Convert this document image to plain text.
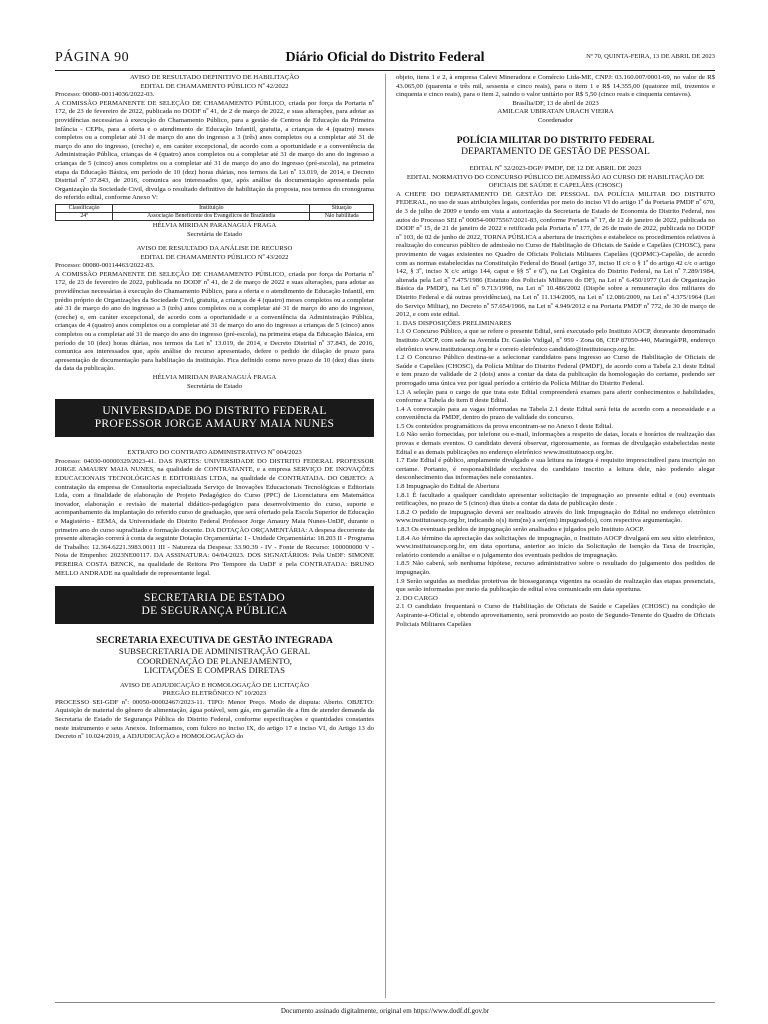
PÁGINA 90	Diário Oficial do Distrito Federal	Nº 70, QUINTA-FEIRA, 13 DE ABRIL DE 2023

AVISO DE RESULTADO DEFINITIVO DE HABILITAÇÃO

EDITAL DE CHAMAMENTO PÚBLICO Nº 42/2022

Processo: 00080-00114036/2022-03.

A COMISSÃO PERMANENTE DE SELEÇÃO DE CHAMAMENTO PÚBLICO, criada por força da Portaria nº 172, de 23 de fevereiro de 2022, publicada no DODF nº 41, de 2 de março de 2022, e suas alterações, para adotar as providências necessárias à execução do Chamamento Público, para a gestão de Centros de Educação da Primeira Infância - CEPIs, para a oferta e o atendimento de Educação Infantil, gratuita, a crianças de 4 (quatro) meses completos ou a completar até 31 de março do ano do ingresso a 3 (três) anos completos ou a completar até 31 de março do ano do ingresso, (creche) e, em caráter excepcional, de acordo com a oportunidade e a conveniência da Administração Pública, crianças de 4 (quatro) anos completos ou a completar até 31 de março do ano do ingresso a crianças de 5 (cinco) anos completos ou a completar até 31 de março do ano do ingresso (pré-escola), na primeira etapa da Educação Básica, em período de 10 (dez) horas diárias, nos termos da Lei nº 13.019, de 2014, e Decreto Distrital nº 37.843, de 2016, comunica aos interessados que, após análise da documentação apresentada pela Organização da Sociedade Civil, divulga o resultado definitivo de habilitação da proposta, nos termos do cronograma do referido edital, conforme Anexo V:

Classificação	Instituição	Situação
24º	Associação Beneficente dos Evangélicos de Brazlândia	Não habilitada

HÉLVIA MIRIDAN PARANAGUÁ FRAGA

Secretária de Estado

AVISO DE RESULTADO DA ANÁLISE DE RECURSO

EDITAL DE CHAMAMENTO PÚBLICO Nº 43/2022

Processo: 00080-00114463/2022-83.

A COMISSÃO PERMANENTE DE SELEÇÃO DE CHAMAMENTO PÚBLICO, criada por força da Portaria nº 172, de 23 de fevereiro de 2022, publicada no DODF nº 41, de 2 de março de 2022 e suas alterações, para adotar as providências necessárias à execução do Chamamento Público, para a oferta e o atendimento de Educação Infantil, em prédio próprio de Organizações da Sociedade Civil, gratuita, a crianças de 4 (quatro) meses completos ou a completar até 31 de março do ano do ingresso a 3 (três) anos completos ou a completar até 31 de março do ano do ingresso, (creche) e, em caráter excepcional, de acordo com a oportunidade e a conveniência da Administração Pública, crianças de 4 (quatro) anos completos ou a completar até 31 de março do ano do ingresso a crianças de 5 (cinco) anos completos ou a completar até 31 de março do ano do ingresso (pré-escola), na primeira etapa da Educação Básica, em período de 10 (dez) horas diárias, nos termos da Lei nº 13.019, de 2014, e Decreto Distrital nº 37.843, de 2016, comunica aos interessados que, após análise do recurso apresentado, defere o pedido de dilação de prazo para apresentação de documentação para habilitação da instituição. Fica definido como novo prazo de 10 (dez) dias úteis da data da publicação.

HÉLVIA MIRIDAN PARANAGUÁ FRAGA

Secretária de Estado

UNIVERSIDADE DO DISTRITO FEDERAL
PROFESSOR JORGE AMAURY MAIA NUNES

EXTRATO DO CONTRATO ADMINISTRATIVO Nº 004/2023

Processo: 04030-00000329/2023-41. DAS PARTES: UNIVERSIDADE DO DISTRITO FEDERAL PROFESSOR JORGE AMAURY MAIA NUNES, na qualidade de CONTRATANTE, e a empresa SERVIÇO DE INOVAÇÕES EDUCACIONAIS TECNOLÓGICAS E EDITORIAIS LTDA, na qualidade de CONTRATADA. DO OBJETO: A contratação da empresa de Consultoria especializada Serviço de Inovações Educacionais Tecnológicas e Editoriais Ltda, com a finalidade de elaboração de Projeto Pedagógico do Curso (PPC) de Licenciatura em Matemática inovador, elaboração e revisão de material didático-pedagógico para desenvolvimento do curso, suporte e acompanhamento da implantação do referido curso de graduação, que será ofertado pela Escola Superior de Educação e Magistério - EEMA, da Universidade do Distrito Federal Professor Jorge Amaury Maia Nunes-UnDF, durante o primeiro ano do curso suprac̃itado e formação docente. DA DOTAÇÃO ORÇAMENTÁRIA: A despesa decorrente da presente alteração correrá à conta da seguinte Dotação Orçamentária: I - Unidade Orçamentária: 18.203 II - Programa de Trabalho: 12.364.6221.3983.0011 III - Natureza da Despesa: 33.90.39 - IV - Fonte de Recurso: 100000000 V - Nota de Empenho: 2023NE00117. DA ASSINATURA: 04/04/2023. DOS SIGNATÁRIOS: Pela UnDF: SIMONE PEREIRA COSTA BENCK, na qualidade de Reitora Pro Tempore da UnDF e pela CONTRATADA: BRUNO MELLO ANDRADE na qualidade de representante legal.

SECRETARIA DE ESTADO
DE SEGURANÇA PÚBLICA

SECRETARIA EXECUTIVA DE GESTÃO INTEGRADA

SUBSECRETARIA DE ADMINISTRAÇÃO GERAL

COORDENAÇÃO DE PLANEJAMENTO,

LICITAÇÕES E COMPRAS DIRETAS

AVISO DE ADJUDICAÇÃO E HOMOLOGAÇÃO DE LICITAÇÃO

PREGÃO ELETRÔNICO Nº 10/2023

PROCESSO SEI-GDF nº: 00050-00002467/2023-11. TIPO: Menor Preço. Modo de disputa: Aberto. OBJETO: Aquisição de material do gênero de alimentação, água potável, sem gás, em garrafão de a fim de atender demanda da Secretaria de Estado de Segurança Pública do Distrito Federal, conforme especificações e quantidades constantes neste instrumento e seus Anexos. Informamos, com fulcro no inciso IX, do artigo 17 e inciso VI, do Artigo 13 do Decreto nº 10.024/2019, a ADJUDICAÇÃO e HOMOLOGAÇÃO do

objeto, itens 1 e 2, à empresa Calevi Mineradora e Comércio Ltda-ME, CNPJ: 03.160.007/0001-69, no valor de R$ 43.065,00 (quarenta e três mil, sessenta e cinco reais), para o item 1 e R$ 14.355,00 (quatorze mil, trezentos e cinquenta e cinco reais), para o item 2, saindo o valor unitário por R$ 5,50 (cinco reais e cinquenta centavos).

Brasília/DF, 13 de abril de 2023

AMILCAR UBIRATAN URACH VIEIRA

Coordenador

POLÍCIA MILITAR DO DISTRITO FEDERAL

DEPARTAMENTO DE GESTÃO DE PESSOAL

EDITAL Nº 32/2023-DGP/ PMDF, DE 12 DE ABRIL DE 2023

EDITAL NORMATIVO DO CONCURSO PÚBLICO DE ADMISSÃO AO CURSO DE HABILITAÇÃO DE OFICIAIS DE SAÚDE E CAPELÃES (CHOSC)

A CHEFE DO DEPARTAMENTO DE GESTÃO DE PESSOAL DA POLÍCIA MILITAR DO DISTRITO FEDERAL, no uso de suas atribuições legais, conferidas por meio do inciso VI do artigo 1º da Portaria PMDF nº 670, de 3 de julho de 2009 e tendo em vista a autorização da Secretaria de Estado de Economia do Distrito Federal, nos autos do Processo SEI nº 00054-00075567/2021-83, conforme Portaria nº 17, de 12 de janeiro de 2022, publicada no DODF nº 15, de 21 de janeiro de 2022 e retificada pela Portaria nº 177, de 26 de maio de 2022, publicada no DODF nº 103, de 02 de junho de 2022, TORNA PÚBLICA a abertura de inscrições e estabelece os procedimentos relativos à realização do concurso público de admissão no Curso de Habilitação de Oficiais de Saúde e Capelães (CHOSC), para provimento de vagas existentes no Quadro de Oficiais Policiais Militares Capelães (QOPMC)-Capelão, de acordo com as normas estabelecidas na Constituição Federal do Brasil (artigo 37, inciso II c/c o § 1º do artigo 42 c/c o artigo 142, § 3º, inciso X c/c artigo 144, caput e §§ 5º e 6º), na Lei Orgânica do Distrito Federal, na Lei nº 7.289/1984, alterada pela Lei nº 7.475/1986 (Estatuto dos Policiais Militares do DF), na Lei nº 6.450/1977 (Lei de Organização Básica da PMDF), na Lei nº 9.713/1998, na Lei nº 10.486/2002 (Dispõe sobre a remuneração dos militares do Distrito Federal e dá outras providências), na Lei nº 11.134/2005, na Lei nº 12.086/2009, na Lei nº 4.375/1964 (Lei do Serviço Militar), no Decreto nº 57.654/1966, na Lei nº 4.949/2012 e na Portaria PMDF nº 772, de 30 de março de 2012, e com este edital.

1. DAS DISPOSIÇÕES PRELIMINARES

1.1 O Concurso Público, a que se refere o presente Edital, será executado pelo Instituto AOCP, doravante denominado Instituto AOCP, com sede na Avenida Dr. Gastão Vidigal, nº 959 - Zona 08, CEP 87050-440, Maringá/PR, endereço eletrônico www.institutoaocp.org.br e correio eletrônico candidato@institutoaocp.org.br.

1.2 O Concurso Público destina-se a selecionar candidatos para ingresso ao Curso de Habilitação de Oficiais de Saúde e Capelães (CHOSC), da Polícia Militar do Distrito Federal (PMDF), de acordo com a Tabela 2.1 deste Edital e tem prazo de validade de 2 (dois) anos a contar da data da publicação da homologação do certame, podendo ser prorrogado uma única vez por igual período a critério da Polícia Militar do Distrito Federal.

1.3 A seleção para o cargo de que trata este Edital compreenderá exames para aferir conhecimentos e habilidades, conforme a Tabela do item 8 deste Edital.

1.4 A convocação para as vagas informadas na Tabela 2.1 deste Edital será feita de acordo com a necessidade e a conveniência da PMDF, dentro do prazo de validade do concurso.

1.5 Os conteúdos programáticos da prova encontram-se no Anexo I deste Edital.

1.6 Não serão fornecidas, por telefone ou e-mail, informações a respeito de datas, locais e horários de realização das provas e demais eventos. O candidato deverá observar, rigorosamente, as formas de divulgação estabelecidas neste Edital e as demais publicações no endereço eletrônico www.institutoaocp.org.br.

1.7 Este Edital é público, amplamente divulgado e sua leitura na íntegra é requisito imprescindível para inscrição no certame. Portanto, é responsabilidade exclusiva do candidato inscrito a leitura dele, não podendo alegar desconhecimento das informações nele constantes.

1.8 Impugnação do Edital de Abertura

1.8.1 É facultado a qualquer candidato apresentar solicitação de impugnação ao presente edital e (ou) eventuais retificações, no prazo de 5 (cinco) dias úteis a contar da data de publicação deste .

1.8.2 O pedido de impugnação deverá ser realizado através do link Impugnação do Edital no endereço eletrônico www.institutoaocp.org.br, indicando o(s) item(ns) a ser(em) impugnado(s), com respectiva argumentação.

1.8.3 Os eventuais pedidos de impugnação serão analisados e julgados pelo Instituto AOCP.

1.8.4 Ao término da apreciação das solicitações de impugnação, o Instituto AOCP divulgará em seu sítio eletrônico, www.institutoaocp.org.br, em data oportuna, anterior ao início da Solicitação de Isenção da Taxa de Inscrição, relatório contendo a análise e o julgamento dos eventuais pedidos de impugnação.

1.8.5 Não caberá, sob nenhuma hipótese, recurso administrativo sobre o resultado do julgamento dos pedidos de impugnação.

1.9 Serão seguidas as medidas protetivas de biossegurança vigentes na ocasião de realização das etapas presenciais, que serão informadas por meio da publicação de edital e/ou comunicado em data oportuna.

2. DO CARGO

2.1 O candidato frequentará o Curso de Habilitação de Oficiais de Saúde e Capelães (CHOSC) na condição de Aspirante-a-Oficial e, obtendo aproveitamento, será promovido ao posto de Segundo-Tenente do Quadro de Oficiais Policiais Militares Capelães

Documento assinado digitalmente, original em https://www.dodf.df.gov.br
